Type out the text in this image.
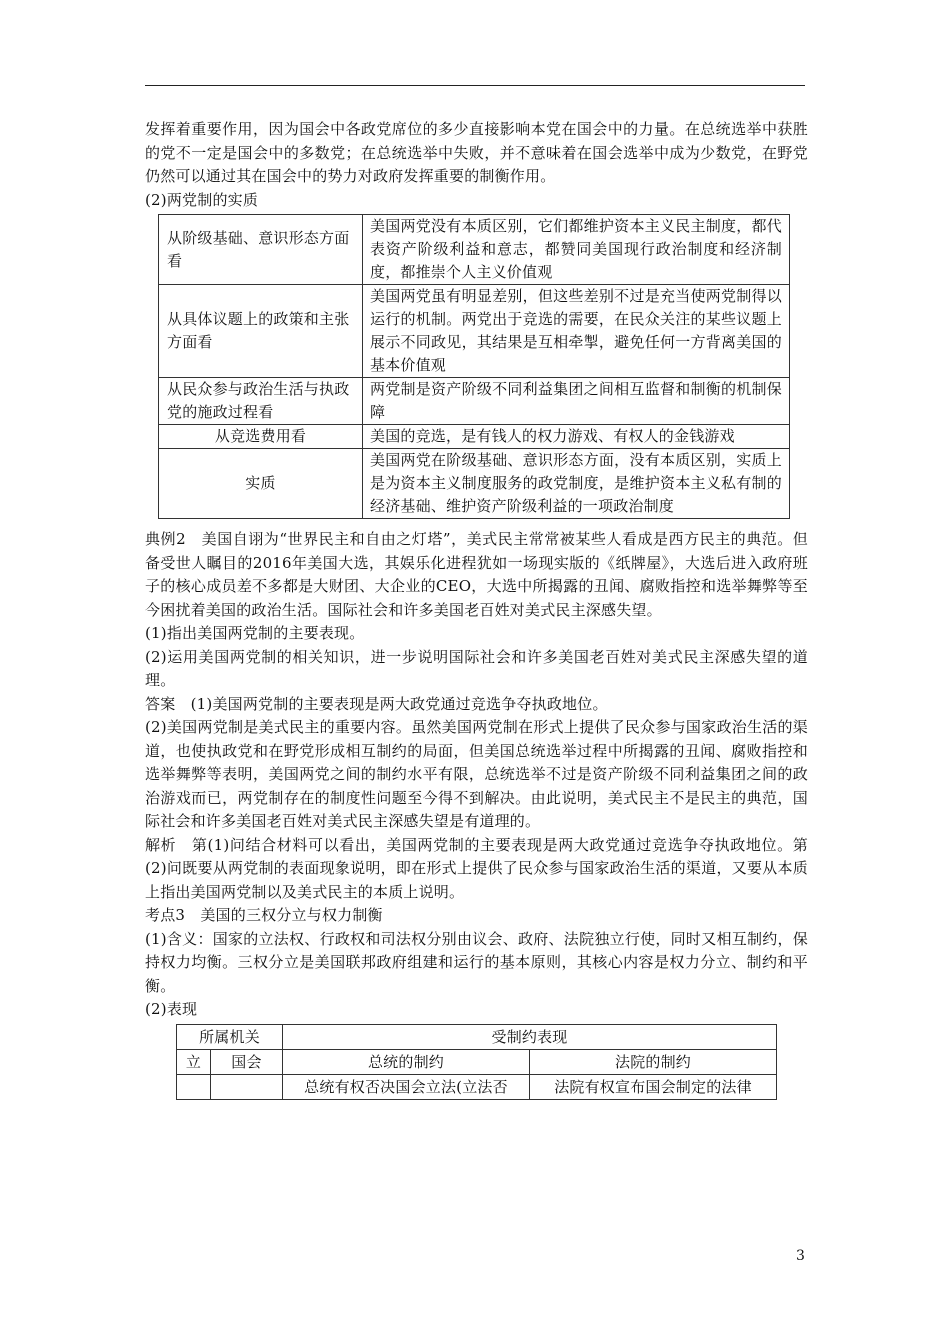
发挥着重要作用，因为国会中各政党席位的多少直接影响本党在国会中的力量。在总统选举中获胜的党不一定是国会中的多数党；在总统选举中失败，并不意味着在国会选举中成为少数党，在野党仍然可以通过其在国会中的势力对政府发挥重要的制衡作用。

(2)两党制的实质

从阶级基础、意识形态方面看	美国两党没有本质区别，它们都维护资本主义民主制度，都代表资产阶级利益和意志，都赞同美国现行政治制度和经济制度，都推崇个人主义价值观
从具体议题上的政策和主张方面看	美国两党虽有明显差别，但这些差别不过是充当使两党制得以运行的机制。两党出于竞选的需要，在民众关注的某些议题上展示不同政见，其结果是互相牵掣，避免任何一方背离美国的基本价值观
从民众参与政治生活与执政党的施政过程看	两党制是资产阶级不同利益集团之间相互监督和制衡的机制保障
从竞选费用看	美国的竞选，是有钱人的权力游戏、有权人的金钱游戏
实质	美国两党在阶级基础、意识形态方面，没有本质区别，实质上是为资本主义制度服务的政党制度，是维护资本主义私有制的经济基础、维护资产阶级利益的一项政治制度

典例2　美国自诩为“世界民主和自由之灯塔”，美式民主常常被某些人看成是西方民主的典范。但备受世人瞩目的2016年美国大选，其娱乐化进程犹如一场现实版的《纸牌屋》，大选后进入政府班子的核心成员差不多都是大财团、大企业的CEO，大选中所揭露的丑闻、腐败指控和选举舞弊等至今困扰着美国的政治生活。国际社会和许多美国老百姓对美式民主深感失望。

(1)指出美国两党制的主要表现。

(2)运用美国两党制的相关知识，进一步说明国际社会和许多美国老百姓对美式民主深感失望的道理。

答案　(1)美国两党制的主要表现是两大政党通过竞选争夺执政地位。

(2)美国两党制是美式民主的重要内容。虽然美国两党制在形式上提供了民众参与国家政治生活的渠道，也使执政党和在野党形成相互制约的局面，但美国总统选举过程中所揭露的丑闻、腐败指控和选举舞弊等表明，美国两党之间的制约水平有限，总统选举不过是资产阶级不同利益集团之间的政治游戏而已，两党制存在的制度性问题至今得不到解决。由此说明，美式民主不是民主的典范，国际社会和许多美国老百姓对美式民主深感失望是有道理的。

解析　第(1)问结合材料可以看出，美国两党制的主要表现是两大政党通过竞选争夺执政地位。第(2)问既要从两党制的表面现象说明，即在形式上提供了民众参与国家政治生活的渠道，又要从本质上指出美国两党制以及美式民主的本质上说明。

考点3　美国的三权分立与权力制衡

(1)含义：国家的立法权、行政权和司法权分别由议会、政府、法院独立行使，同时又相互制约，保持权力均衡。三权分立是美国联邦政府组建和运行的基本原则，其核心内容是权力分立、制约和平衡。

(2)表现

所属机关		受制约表现	
立	国会	总统的制约	法院的制约
		总统有权否决国会立法(立法否	法院有权宣布国会制定的法律
3
